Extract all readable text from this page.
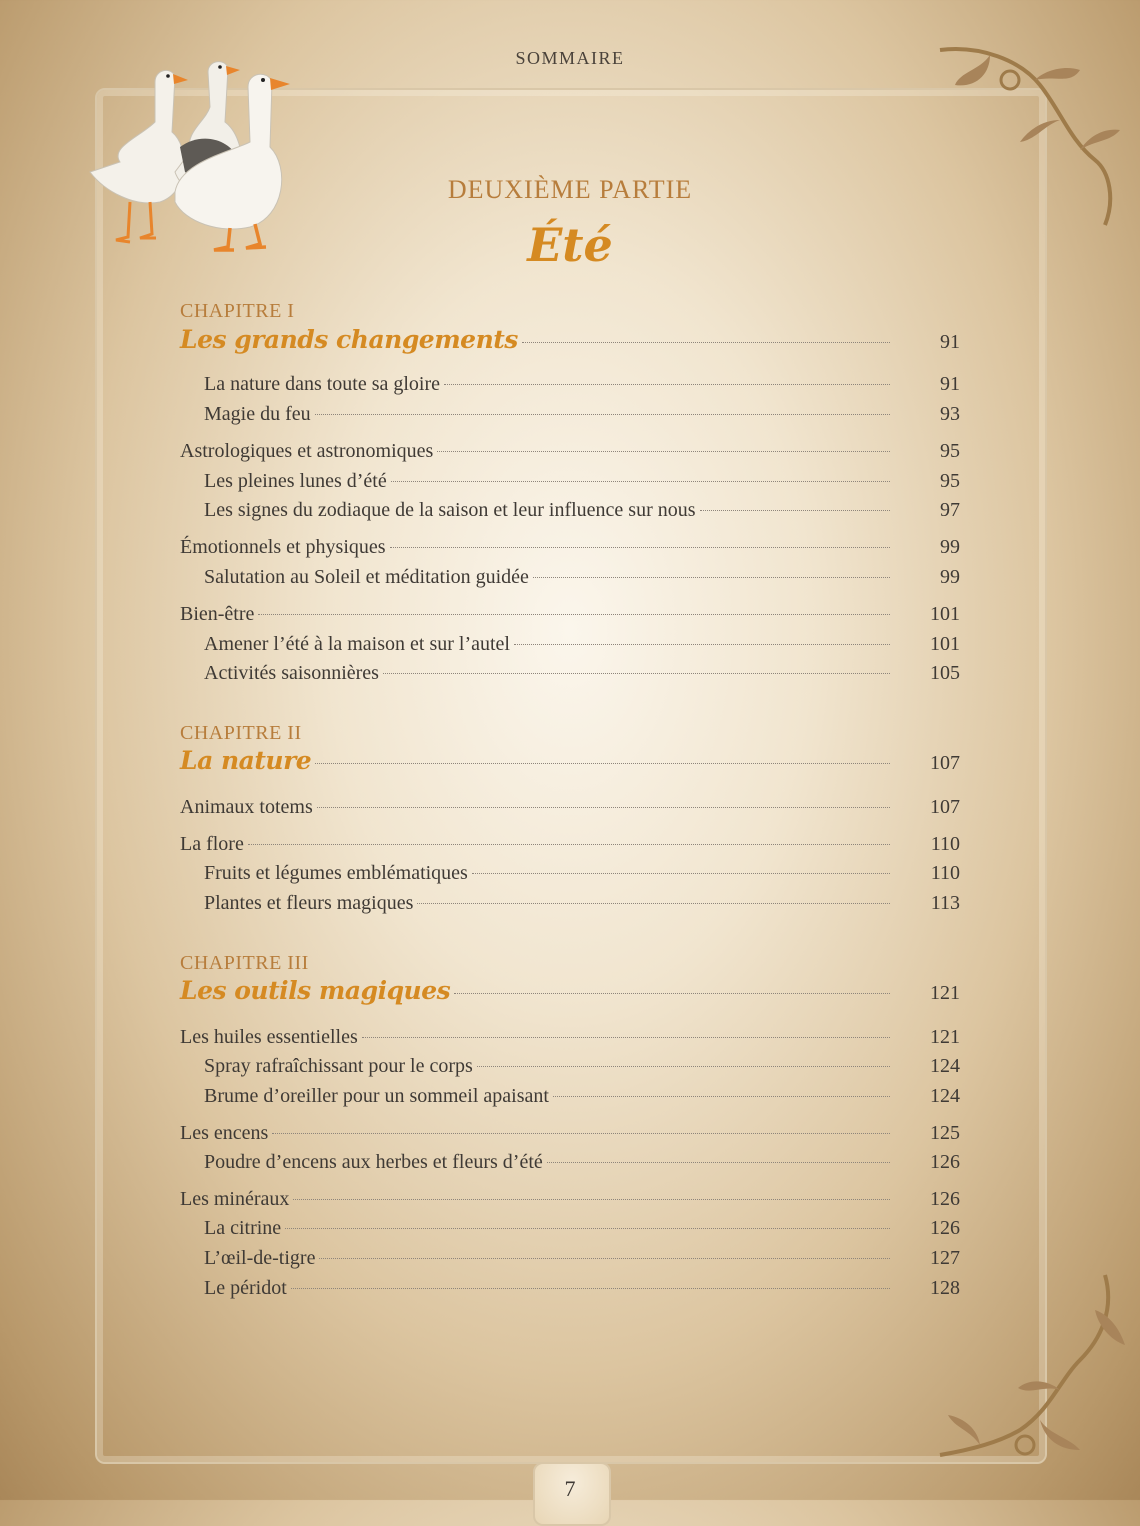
SOMMAIRE
DEUXIÈME PARTIE
Été
CHAPITRE I
Les grands changements	91
La nature dans toute sa gloire	91
Magie du feu	93
Astrologiques et astronomiques	95
Les pleines lunes d’été	95
Les signes du zodiaque de la saison et leur influence sur nous	97
Émotionnels et physiques	99
Salutation au Soleil et méditation guidée	99
Bien-être	101
Amener l’été à la maison et sur l’autel	101
Activités saisonnières	105
CHAPITRE II
La nature	107
Animaux totems	107
La flore	110
Fruits et légumes emblématiques	110
Plantes et fleurs magiques	113
CHAPITRE III
Les outils magiques	121
Les huiles essentielles	121
Spray rafraîchissant pour le corps	124
Brume d’oreiller pour un sommeil apaisant	124
Les encens	125
Poudre d’encens aux herbes et fleurs d’été	126
Les minéraux	126
La citrine	126
L’œil-de-tigre	127
Le péridot	128
7
